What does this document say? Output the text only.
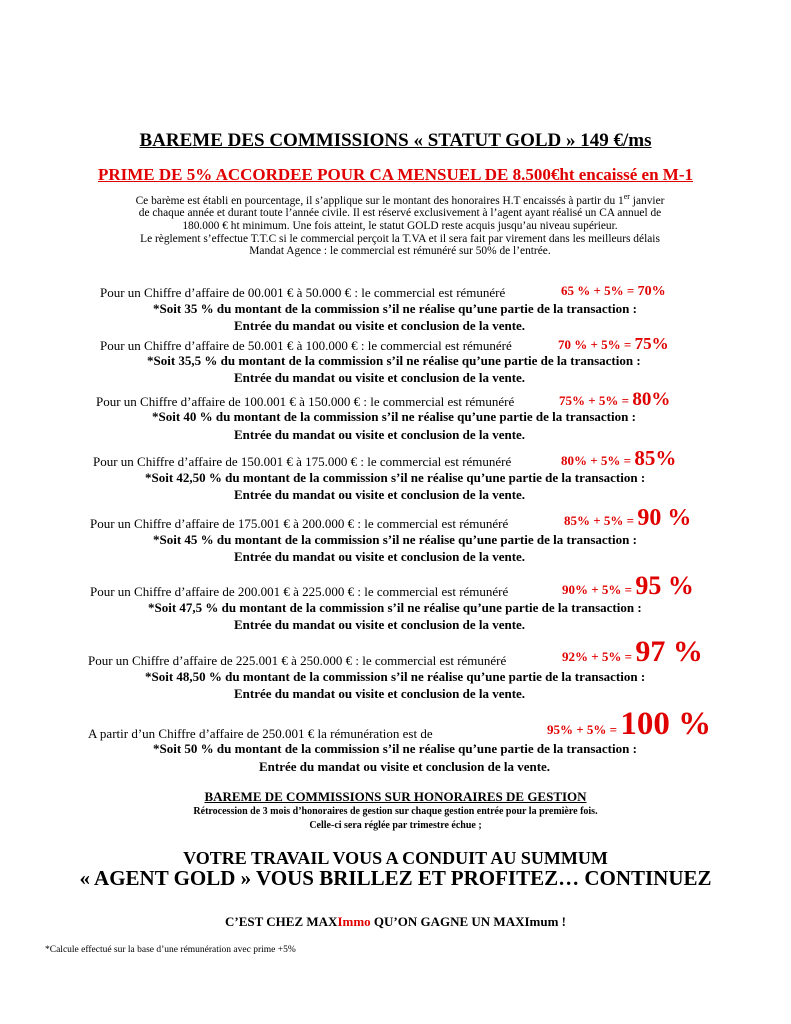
BAREME DES COMMISSIONS « STATUT GOLD » 149 €/ms
PRIME DE 5% ACCORDEE POUR CA MENSUEL DE 8.500€ht encaissé en M-1
Ce barème est établi en pourcentage, il s’applique sur le montant des honoraires H.T encaissés à partir du 1er janvier
de chaque année et durant toute l’année civile. Il est réservé exclusivement à l’agent ayant réalisé un CA annuel de
180.000 € ht minimum. Une fois atteint, le statut GOLD reste acquis jusqu’au niveau supérieur.
Le règlement s’effectue T.T.C si le commercial perçoit la T.VA et il sera fait par virement dans les meilleurs délais
Mandat Agence : le commercial est rémunéré sur 50% de l’entrée.
Pour un Chiffre d’affaire de 00.001 € à 50.000 € : le commercial est rémunéré	65 % + 5% = 70%
*Soit 35 % du montant de la commission s’il ne réalise qu’une partie de la transaction :
Entrée du mandat ou visite et conclusion de la vente.
Pour un Chiffre d’affaire de 50.001 € à 100.000 € : le commercial est rémunéré	70 % + 5% = 75%
*Soit 35,5 % du montant de la commission s’il ne réalise qu’une partie de la transaction :
Entrée du mandat ou visite et conclusion de la vente.
Pour un Chiffre d’affaire de 100.001 € à 150.000 € : le commercial est rémunéré	75% + 5% = 80%
*Soit 40 % du montant de la commission s’il ne réalise qu’une partie de la transaction :
Entrée du mandat ou visite et conclusion de la vente.
Pour un Chiffre d’affaire de 150.001 € à 175.000 € : le commercial est rémunéré	80% + 5% = 85%
*Soit 42,50 % du montant de la commission s’il ne réalise qu’une partie de la transaction :
Entrée du mandat ou visite et conclusion de la vente.
Pour un Chiffre d’affaire de 175.001 € à 200.000 € : le commercial est rémunéré	85% + 5% = 90 %
*Soit 45 % du montant de la commission s’il ne réalise qu’une partie de la transaction :
Entrée du mandat ou visite et conclusion de la vente.
Pour un Chiffre d’affaire de 200.001 € à 225.000 € : le commercial est rémunéré	90% + 5% = 95 %
*Soit 47,5 % du montant de la commission s’il ne réalise qu’une partie de la transaction :
Entrée du mandat ou visite et conclusion de la vente.
Pour un Chiffre d’affaire de 225.001 € à 250.000 € : le commercial est rémunéré	92% + 5% = 97 %
*Soit 48,50 % du montant de la commission s’il ne réalise qu’une partie de la transaction :
Entrée du mandat ou visite et conclusion de la vente.
A partir d’un Chiffre d’affaire de 250.001 € la rémunération est de	95% + 5% = 100 %
*Soit 50 % du montant de la commission s’il ne réalise qu’une partie de la transaction :
Entrée du mandat ou visite et conclusion de la vente.
BAREME DE COMMISSIONS SUR HONORAIRES DE GESTION
Rétrocession de 3 mois d’honoraires de gestion sur chaque gestion entrée pour la première fois.
Celle-ci sera réglée par trimestre échue ;
VOTRE TRAVAIL VOUS A CONDUIT AU SUMMUM
« AGENT GOLD » VOUS BRILLEZ ET PROFITEZ… CONTINUEZ
C’EST CHEZ MAXImmo QU’ON GAGNE UN MAXImum !
*Calcule effectué sur la base d’une rémunération avec prime +5%
